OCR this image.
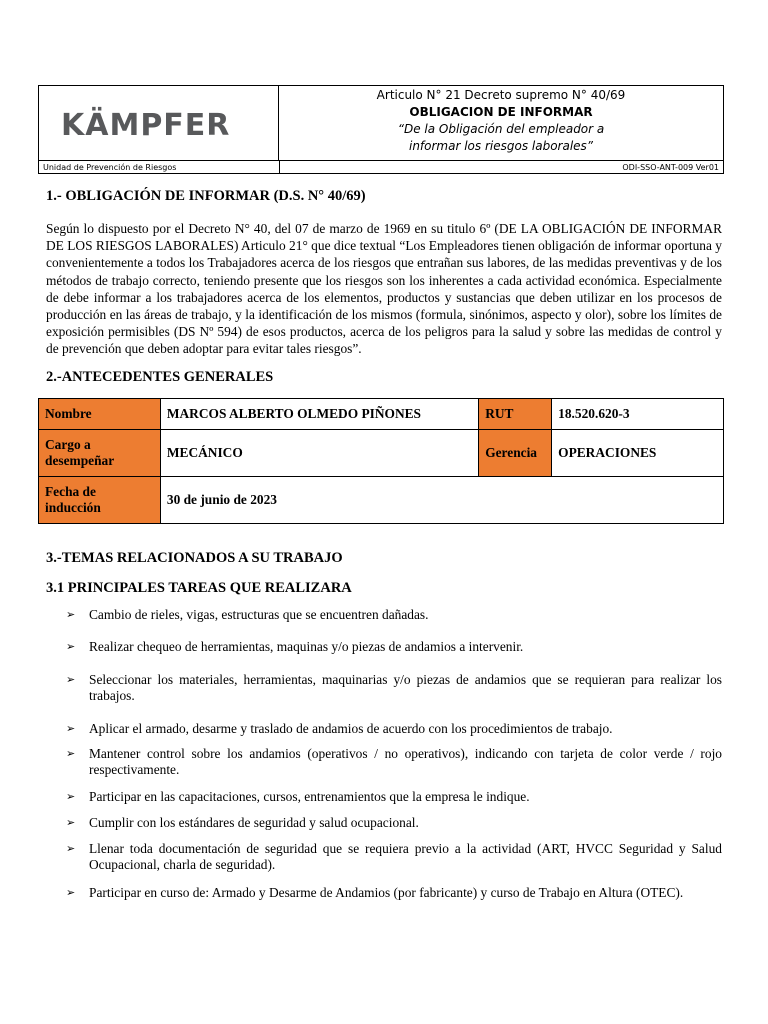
KÄMPFER
Articulo N° 21 Decreto supremo N° 40/69
OBLIGACION DE INFORMAR
“De la Obligación del empleador a
informar los riesgos laborales”
Unidad de Prevención de Riesgos	ODI-SSO-ANT-009 Ver01
1.- OBLIGACIÓN DE INFORMAR (D.S. N° 40/69)
Según lo dispuesto por el Decreto N° 40, del 07 de marzo de 1969 en su titulo 6º (DE LA OBLIGACIÓN DE INFORMAR DE LOS RIESGOS LABORALES) Articulo 21° que dice textual “Los Empleadores tienen obligación de informar oportuna y convenientemente a todos los Trabajadores acerca de los riesgos que entrañan sus labores, de las medidas preventivas y de los métodos de trabajo correcto, teniendo presente que los riesgos son los inherentes a cada actividad económica. Especialmente de debe informar a los trabajadores acerca de los elementos, productos y sustancias que deben utilizar en los procesos de producción en las áreas de trabajo, y la identificación de los mismos (formula, sinónimos, aspecto y olor), sobre los límites de exposición permisibles (DS Nº 594) de esos productos, acerca de los peligros para la salud y sobre las medidas de control y de prevención que deben adoptar para evitar tales riesgos”.
2.-ANTECEDENTES GENERALES
Nombre	MARCOS ALBERTO OLMEDO PIÑONES	RUT	18.520.620-3

Cargo a
desempeñar	MECÁNICO	Gerencia	OPERACIONES

Fecha de
inducción	30 de junio de 2023		
3.-TEMAS RELACIONADOS A SU TRABAJO
3.1 PRINCIPALES TAREAS QUE REALIZARA
➢ Cambio de rieles, vigas, estructuras que se encuentren dañadas.
➢ Realizar chequeo de herramientas, maquinas y/o piezas de andamios a intervenir.
➢ Seleccionar los materiales, herramientas, maquinarias y/o piezas de andamios que se requieran para realizar los trabajos.
➢ Aplicar el armado, desarme y traslado de andamios de acuerdo con los procedimientos de trabajo.
➢ Mantener control sobre los andamios (operativos / no operativos), indicando con tarjeta de color verde / rojo respectivamente.
➢ Participar en las capacitaciones, cursos, entrenamientos que la empresa le indique.
➢ Cumplir con los estándares de seguridad y salud ocupacional.
➢ Llenar toda documentación de seguridad que se requiera previo a la actividad (ART, HVCC Seguridad y Salud Ocupacional, charla de seguridad).
➢ Participar en curso de: Armado y Desarme de Andamios (por fabricante) y curso de Trabajo en Altura (OTEC).
